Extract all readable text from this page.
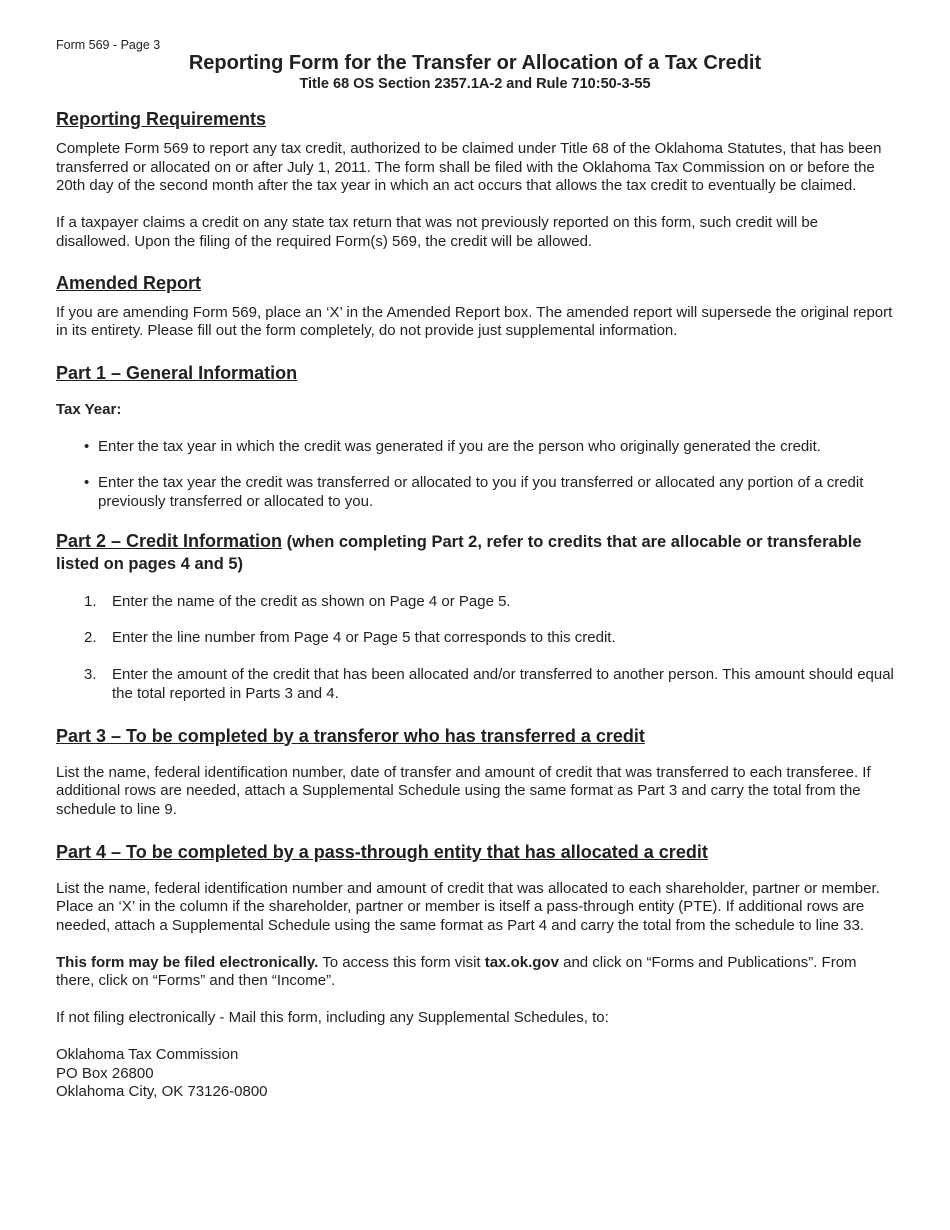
Form 569 - Page 3
Reporting Form for the Transfer or Allocation of a Tax Credit
Title 68 OS Section 2357.1A-2 and Rule 710:50-3-55
Reporting Requirements

Complete Form 569 to report any tax credit, authorized to be claimed under Title 68 of the Oklahoma Statutes, that has been transferred or allocated on or after July 1, 2011. The form shall be filed with the Oklahoma Tax Commission on or before the 20th day of the second month after the tax year in which an act occurs that allows the tax credit to eventually be claimed.

If a taxpayer claims a credit on any state tax return that was not previously reported on this form, such credit will be disallowed. Upon the filing of the required Form(s) 569, the credit will be allowed.

Amended Report

If you are amending Form 569, place an ‘X’ in the Amended Report box. The amended report will supersede the original report in its entirety. Please fill out the form completely, do not provide just supplemental information.

Part 1 – General Information

Tax Year:

• Enter the tax year in which the credit was generated if you are the person who originally generated the credit.
• Enter the tax year the credit was transferred or allocated to you if you transferred or allocated any portion of a credit previously transferred or allocated to you.
Part 2 – Credit Information (when completing Part 2, refer to credits that are allocable or transferable listed on pages 4 and 5)
1. Enter the name of the credit as shown on Page 4 or Page 5.
2. Enter the line number from Page 4 or Page 5 that corresponds to this credit.
3. Enter the amount of the credit that has been allocated and/or transferred to another person. This amount should equal the total reported in Parts 3 and 4.
Part 3 – To be completed by a transferor who has transferred a credit

List the name, federal identification number, date of transfer and amount of credit that was transferred to each transferee. If additional rows are needed, attach a Supplemental Schedule using the same format as Part 3 and carry the total from the schedule to line 9.

Part 4 – To be completed by a pass-through entity that has allocated a credit

List the name, federal identification number and amount of credit that was allocated to each shareholder, partner or member. Place an ‘X’ in the column if the shareholder, partner or member is itself a pass-through entity (PTE). If additional rows are needed, attach a Supplemental Schedule using the same format as Part 4 and carry the total from the schedule to line 33.

This form may be filed electronically. To access this form visit tax.ok.gov and click on “Forms and Publications”. From there, click on “Forms” and then “Income”.

If not filing electronically - Mail this form, including any Supplemental Schedules, to:

Oklahoma Tax Commission
PO Box 26800
Oklahoma City, OK 73126-0800
